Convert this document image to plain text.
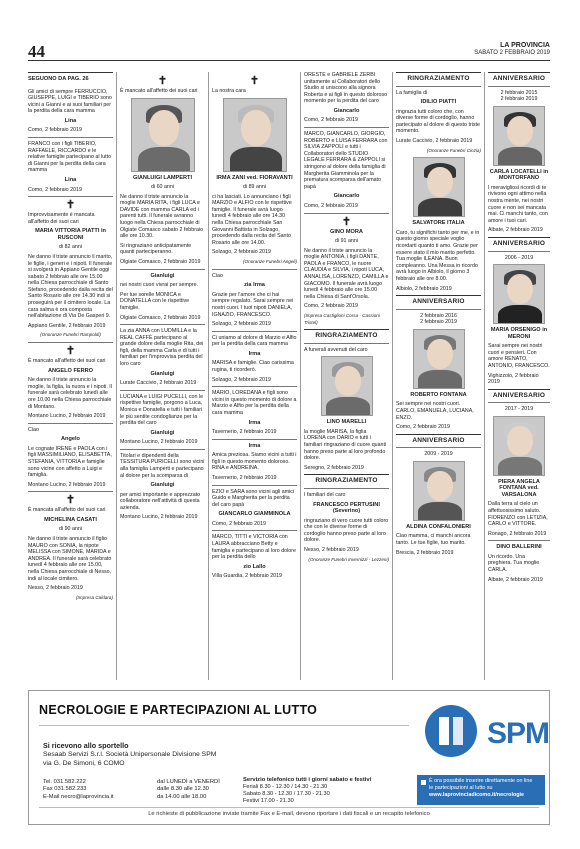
44	LA PROVINCIA
SABATO 2 FEBBRAIO 2019
SEGUONO DA PAG. 26

Gli amici di sempre FERRUCCIO, GIUSEPPE, LUIGI e TIBERIO sono vicini a Gianni e ai suoi familiari per la perdita della cara mamma

Lina

Como, 2 febbraio 2019

FRANCO con i figli TIBERIO, RAFFAELE, RICCARDO e le relative famiglie partecipano al lutto di Gianni per la perdita della cara mamma

Lina

Como, 2 febbraio 2019

✝

Improvvisamente è mancata all'affetto dei suoi cari

MARIA VITTORIA PIATTI in RUSCONI

di 82 anni

Ne danno il triste annuncio il marito, le figlie, i generi e i nipoti. Il funerale si svolgerà in Appiano Gentile oggi sabato 2 febbraio alle ore 15.00 nella Chiesa parrocchiale di Santo Stefano, procedendo dalla recita del Santo Rosario alle ore 14.30 indi si proseguirà per il cimitero locale. La cara salma è ora composta nell'abitazione di Via De Gasperi 9.

Appiano Gentile, 2 febbraio 2019

(Onoranze Funebri Rampoldi)

✝

È mancato all'affetto dei suoi cari

ANGELO FERRO

Ne danno il triste annuncio la moglie, la figlia, la nuora e i nipoti. Il funerale sarà celebrato lunedì alle ore 10.00 nella Chiesa parrocchiale di Montano.

Montano Lucino, 2 febbraio 2019

Ciao

Angelo

Le cognate IRENE e PAOLA con i figli MASSIMILIANO, ELISABETTA, STEFANIA, VITTORIA e famiglie sono vicine con affetto a Luigi e famiglia.

Montano Lucino, 2 febbraio 2019

✝

È mancata all'affetto dei suoi cari

MICHELINA CASATI

di 90 anni

Ne danno il triste annuncio il figlio MAURO con SONIA, la nipote MELISSA con SIMONE, MARIDA e ANDREA. Il funerale sarà celebrato lunedì 4 febbraio alle ore 15.00, nella Chiesa parrocchiale di Nesso, indi al locale cimitero.

Nesso, 2 febbraio 2019

(Impresa Caldara)

✝

È mancato all'affetto dei suoi cari

GIANLUIGI LAMPERTI

di 60 anni

Ne danno il triste annuncio la moglie MARIA RITA, i figli LUCA e DAVIDE con mamma CARLA ed i parenti tutti. Il funerale avranno luogo nella Chiesa parrocchiale di Olgiate Comasco sabato 2 febbraio alle ore 10.30.

Si ringraziano anticipatamente quanti parteciperanno.

Olgiate Comasco, 2 febbraio 2019

Gianluigi

nei nostri cuori vivrai per sempre.

Per tue sorelle MONICA e DONATELLA con le rispettive famiglie.

Olgiate Comasco, 2 febbraio 2019

La zia ANNA con LUDMILLA e la REAL CAFFÈ partecipano al grande dolore della moglie Rita, dei figli, della mamma Carla e di tutti i familiari per l'improvvisa perdita del loro caro

Gianluigi

Lurate Caccivio, 2 febbraio 2019

LUCIANA e LUIGI PUCELLI, con le rispettive famiglie, porgono a Luca, Monica e Donatella e tutti i familiari le più sentite condoglianze per la perdita del caro

Gianluigi

Montano Lucino, 2 febbraio 2019

Titolari e dipendenti della TESSITURA PURICELLI sono vicini alla famiglia Lamperti e partecipano al dolore per la scomparsa di

Gianluigi

per amici importante e apprezzato collaboratore nell'attività di questa azienda.

Montano Lucino, 2 febbraio 2019

✝

La nostra cara

IRMA ZANI ved. FIORAVANTI

di 89 anni

ci ha lasciati. Lo annunciano i figli MARZIO e ALFIO con le rispettive famiglie. Il funerale avrà luogo lunedì 4 febbraio alle ore 14.30 nella Chiesa parrocchiale San Giovanni Battista in Solzago, procedendo dalla recita del Santo Rosario alle ore 14.00.

Solzago, 2 febbraio 2019

(Onoranze Funebri Angeli)

Ciao

zia Irma

Grazie per l'amore che ci hai sempre regalato. Sarai sempre nei nostri cuori. I tuoi nipoti DANIELA, IGNAZIO, FRANCESCO.

Solzago, 2 febbraio 2019

Ci uniamo al dolore di Marzio e Alfio per la perdita della cara mamma

Irma

MARISA e famiglie. Ciao carissima rugina, ti ricorderò.

Solzago, 2 febbraio 2019

MARIO, LOREDANA e figli sono vicini in questo momento di dolore a Marzio e Alfio per la perdita della cara mamma

Irma

Tavernerio, 2 febbraio 2019

Irma

Amica preziosa. Siamo vicini a tutti i figli in questo momento doloroso. RINA e ANDREINA.

Tavernerio, 2 febbraio 2019

EZIO e SARA sono vicini agli amici Guido e Margherita per la perdita del caro papà

GIANCARLO GIAMMINOLA

Como, 2 febbraio 2019

MARCO, TITTI e VICTORIA con LAURA abbracciano Betty e famiglia e partecipano al loro dolore per la perdita dello

zio Lallo

Villa Guardia, 2 febbraio 2019

ORESTE e GABRIELE ZERBI unitamente ai Collaboratori dello Studio si uniscono alla signora Roberta e ai figli in questo doloroso momento per la perdita del caro

Giancarlo

Como, 2 febbraio 2019

MARCO, GIANCARLO, GIORGIO, ROBERTO e LUISA FERRARA con SILVIA ZAPPOLI e tutti i Collaboratori dello STUDIO LEGALE FERRARA & ZAPPOLI si stringono al dolore della famiglia di Margherita Giamminola per la prematura scomparsa dell'amato papà

Giancarlo

Como, 2 febbraio 2019

✝

GINO MORA

di 91 anni

Ne danno il triste annuncio la moglie ANTONIA, i figli DANTE, PAOLA e FRANCO, le nuore CLAUDIA e SILVIA, i nipoti LUCA, ANNALISA, LORENZO, CAMILLA e GIACOMO. Il funerale avrà luogo lunedì 4 febbraio alle ore 15.00 nella Chiesa di Sant'Orsola.

Como, 2 febbraio 2019

(Impresa Castiglioni Corsa - Cassioni Tristel)

RINGRAZIAMENTO

A funerali avvenuti del caro

LINO MARELLI

la moglie MARISA, la figlia LORENA con DARIO e tutti i familiari ringraziano di cuore quanti hanno preso parte al loro profondo dolore.

Seregno, 2 febbraio 2019

RINGRAZIAMENTO

I familiari del caro

FRANCESCO PERTUSINI (Severino)

ringraziano di vero cuore tutti coloro che con le diverse forme di cordoglio hanno preso parte al loro dolore.

Nesso, 2 febbraio 2019

(Onoranze Funebri Invernizzi - Lezzeni)

RINGRAZIAMENTO

La famiglia di

IDILIO PIATTI

ringrazia tutti coloro che, con diverse forme di cordoglio, hanno partecipato al dolore di questo triste momento.

Lurate Caccivio, 2 febbraio 2019

(Onoranze Funebri Cinzia)

SALVATORE ITALIA

Caro, tu significhi tanto per me, e in questo giorno speciale voglio ricordarti quanto ti amo. Grazie per essere stato il mio marito perfetto. Tua moglie ILEANA. Buon compleanno. Una Messa in ricordo avrà luogo in Albiolo, il giorno 3 febbraio alle ore 8.00.

Albiolo, 2 febbraio 2019

ANNIVERSARIO

2 febbraio 2016
2 febbraio 2019

ROBERTO FONTANA

Sei sempre nei nostri cuori. CARLO, EMANUELA, LUCIANA, ENZO.

Como, 2 febbraio 2019

ANNIVERSARIO

2009 - 2019

ALDINA CONFALONIERI

Ciao mamma, ci manchi ancora tanto. Le tue figlie, tuo marito.

Brescia, 2 febbraio 2019

ANNIVERSARIO

2 febbraio 2015
2 febbraio 2019

CARLA LOCATELLI in MONTORFANO

I meravigliosi ricordi di te rivivono ogni attimo nella nostra mente, nei nostri cuore e non sei mancata mai. Ci manchi tanto, con amore i tuoi cari.

Albate, 2 febbraio 2019

ANNIVERSARIO

2006 - 2019

MARIA ORSENIGO in MERONI

Sarai sempre nei nostri cuori e pensieri. Con amore RENATO, ANTONIO, FRANCESCO.

Vighizzolo, 2 febbraio 2019

ANNIVERSARIO

2017 - 2019

PIERA ANGELA FONTANA ved. VARSALONA

Dalla terra al cielo un affettuosissimo saluto. FIORENZO con LETIZIA, CARLO e VITTORE.

Ronago, 2 febbraio 2019

DINO BALLERINI

Un ricordo. Una preghiera. Tua moglie CARLA.

Albate, 2 febbraio 2019

NECROLOGIE E PARTECIPAZIONI AL LUTTO
SPM
Si ricevono allo sportello
Sesaab Servizi S.r.l. Società Unipersonale Divisione SPM
via G. De Simoni, 6 COMO
Tel. 031.582.222
Fax 031.582.233
E-Mail necro@laprovincia.it
dal LUNEDÌ a VENERDÌ
dalle 8.30 alle 12.30
da 14.00 alle 18.00
Servizio telefonico tutti i giorni sabato e festivi
Feriali 8.30 - 12.30 / 14.30 - 21.30
Sabato 8.30 - 12.30 / 17.30 - 21.30
Festivi 17.00 - 21.30
È ora possibile inserire direttamente on line
le partecipazioni al lutto su
www.laprovinciadicomo.it/necrologie
Le richieste di pubblicazione inviate tramite Fax e E-mail, devono riportare i dati fiscali e un recapito telefonico
